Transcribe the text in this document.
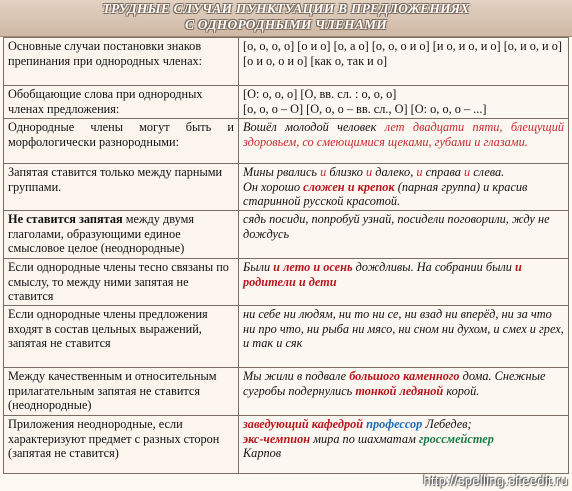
ТРУДНЫЕ СЛУЧАИ ПУНКТУАЦИИ В ПРЕДЛОЖЕНИЯХ
С ОДНОРОДНЫМИ ЧЛЕНАМИ
Основные случаи постановки знаков препинания при однородных членах:	[о, о, о, о] [о и о] [о, а о] [о, о, о и о] [и о, и о, и о] [о, и о, и о] [о и о, о и о] [как о, так и о]
Обобщающие слова при однородных членах предложения:	[О: о, о, о] [О, вв. сл. : о, о, о]
[о, о, о – О] [О, о, о – вв. сл., О] [О: о, о, о – ...]
Однородные члены могут быть и морфологически разнородными:	Вошёл молодой человек лет двадцати пяти, блещущий здоровьем, со смеющимися щеками, губами и глазами.
Запятая ставится только между парными группами.	Мины рвались и близко и далеко, и справа и слева.
Он хорошо сложен и крепок (парная группа) и красив старинной русской красотой.
Не ставится запятая между двумя глаголами, образующими единое смысловое целое (неоднородные)	сядь посиди, попробуй узнай, посидели поговорили, жду не дождусь
Если однородные члены тесно связаны по смыслу, то между ними запятая не ставится	Были и лето и осень дождливы. На собрании были и родители и дети
Если однородные члены предложения входят в состав цельных выражений, запятая не ставится	ни себе ни людям, ни то ни се, ни взад ни вперёд, ни за что ни про что, ни рыба ни мясо, ни сном ни духом, и смех и грех, и так и сяк
Между качественным и относительным прилагательным запятая не ставится (неоднородные)	Мы жили в подвале большого каменного дома. Снежные сугробы подернулись тонкой ледяной корой.
Приложения неоднородные, если характеризуют предмет с разных сторон (запятая не ставится)	заведующий кафедрой профессор Лебедев;
экс-чемпион мира по шахматам гроссмейстер
Карпов
http://spelling.siteedit.ru
